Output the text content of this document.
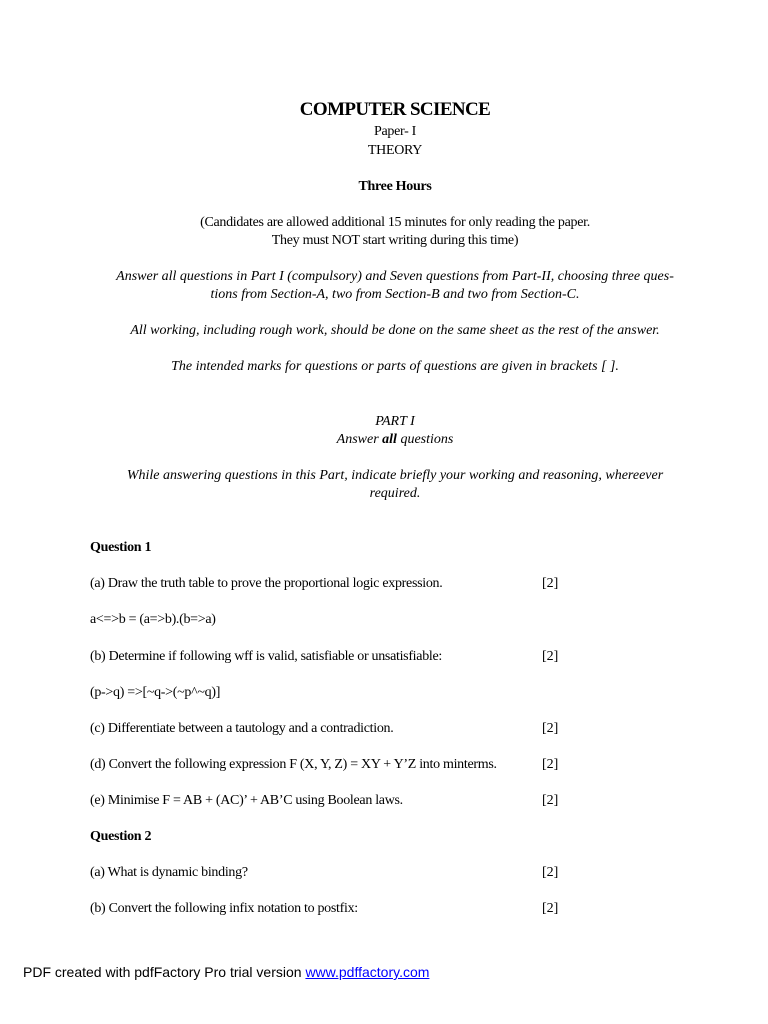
COMPUTER SCIENCE
Paper- I
THEORY
Three Hours
(Candidates are allowed additional 15 minutes for only reading the paper.
They must NOT start writing during this time)
Answer all questions in Part I (compulsory) and Seven questions from Part-II, choosing three ques-
tions from Section-A, two from Section-B and two from Section-C.
All working, including rough work, should be done on the same sheet as the rest of the answer.
The intended marks for questions or parts of questions are given in brackets [ ].
PART I
Answer all questions
While answering questions in this Part, indicate briefly your working and reasoning, whereever
required.
Question 1
(a) Draw the truth table to prove the proportional logic expression.	[2]
a<=>b = (a=>b).(b=>a)
(b) Determine if following wff is valid, satisfiable or unsatisfiable:	[2]
(p->q) =>[~q->(~p^~q)]
(c) Differentiate between a tautology and a contradiction.	[2]
(d) Convert the following expression F (X, Y, Z) = XY + Y’Z into minterms.	[2]
(e) Minimise F = AB + (AC)’ + AB’C using Boolean laws.	[2]
Question 2
(a) What is dynamic binding?	[2]
(b) Convert the following infix notation to postfix:	[2]
PDF created with pdfFactory Pro trial version www.pdffactory.com
